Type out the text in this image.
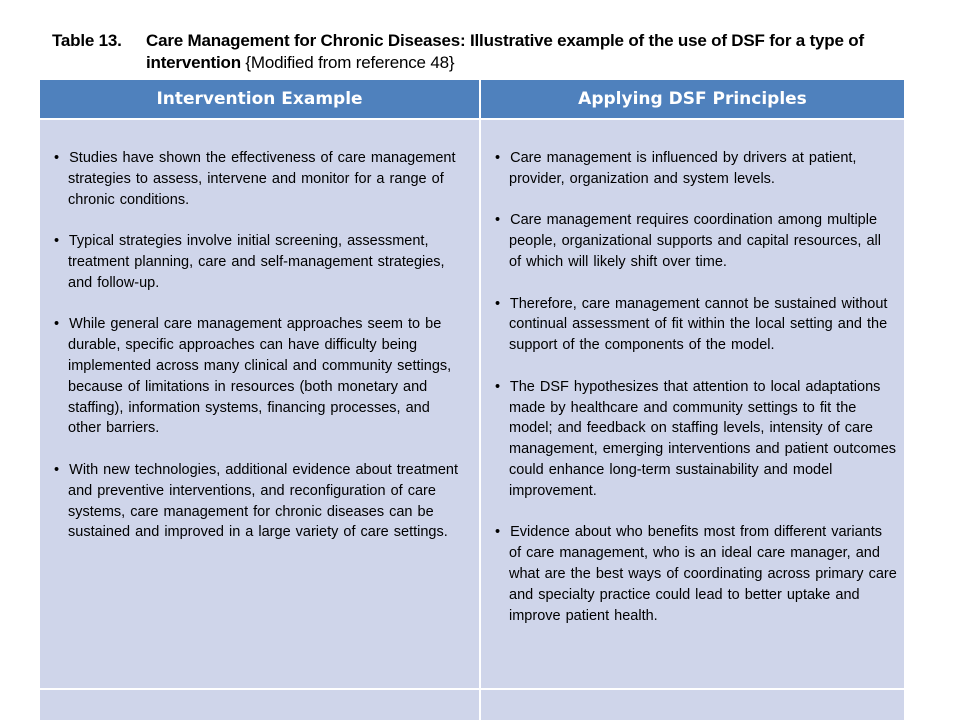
Table 13. Care Management for Chronic Diseases: Illustrative example of the use of DSF for a type of intervention {Modified from reference 48}
Intervention Example	Applying DSF Principles

• Studies have shown the effectiveness of care management strategies to assess, intervene and monitor for a range of chronic conditions.

• Typical strategies involve initial screening, assessment, treatment planning, care and self-management strategies, and follow-up.

• While general care management approaches seem to be durable, specific approaches can have difficulty being implemented across many clinical and community settings, because of limitations in resources (both monetary and staffing), information systems, financing processes, and other barriers.

• With new technologies, additional evidence about treatment and preventive interventions, and reconfiguration of care systems, care management for chronic diseases can be sustained and improved in a large variety of care settings.

• Care management is influenced by drivers at patient, provider, organization and system levels.

• Care management requires coordination among multiple people, organizational supports and capital resources, all of which will likely shift over time.

• Therefore, care management cannot be sustained without continual assessment of fit within the local setting and the support of the components of the model.

• The DSF hypothesizes that attention to local adaptations made by healthcare and community settings to fit the model; and feedback on staffing levels, intensity of care management, emerging interventions and patient outcomes could enhance long-term sustainability and model improvement.

• Evidence about who benefits most from different variants of care management, who is an ideal care manager, and what are the best ways of coordinating across primary care and specialty practice could lead to better uptake and improve patient health.
